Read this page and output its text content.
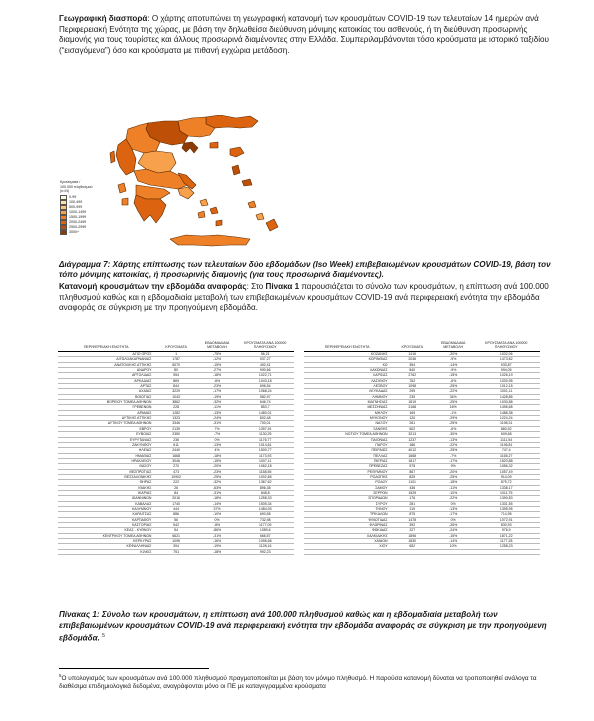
Γεωγραφική διασπορά: Ο χάρτης αποτυπώνει τη γεωγραφική κατανομή των κρουσμάτων COVID-19 των τελευταίων 14 ημερών ανά Περιφερειακή Ενότητα της χώρας, με βάση την δηλωθείσα διεύθυνση μόνιμης κατοικίας του ασθενούς, ή τη διεύθυνση προσωρινής διαμονής για τους τουρίστες και άλλους προσωρινά διαμένοντες στην Ελλάδα. Συμπεριλαμβάνονται τόσο κρούσματα με ιστορικό ταξιδίου (“εισαγόμενα”) όσο και κρούσματα με πιθανή εγχώρια μετάδοση.
Κρούσματα /
100.000 πληθυσμού
(n=Ν)
0-99
100-499
500-999
1000-1499
1500-1999
2000-2499
2500-2999
3000+
Διάγραμμα 7: Χάρτης επίπτωσης των τελευταίων δύο εβδομάδων (Iso Week) επιβεβαιωμένων κρουσμάτων COVID-19, βάση τον τόπο μόνιμης κατοικίας, ή προσωρινής διαμονής (για τους προσωρινά διαμένοντες).
Κατανομή κρουσμάτων την εβδομάδα αναφοράς: Στο Πίνακα 1 παρουσιάζεται το σύνολο των κρουσμάτων, η επίπτωση ανά 100.000 πληθυσμού καθώς και η εβδομαδιαία μεταβολή των επιβεβαιωμένων κρουσμάτων COVID-19 ανά περιφερειακή ενότητα την εβδομάδα αναφοράς σε σύγκριση με την προηγούμενη εβδομάδα.
ΠΕΡΙΦΕΡΕΙΑΚΗ ΕΝΟΤΗΤΑ	ΚΡΟΥΣΜΑΤΑ	ΕΒΔΟΜΑΔΙΑΙΑ ΜΕΤΑΒΟΛΗ	ΚΡΟΥΣΜΑΤΑ ΑΝΑ 100000 ΠΛΗΘΥΣΜΟΥ		ΠΕΡΙΦΕΡΕΙΑΚΗ ΕΝΟΤΗΤΑ	ΚΡΟΥΣΜΑΤΑ	ΕΒΔΟΜΑΔΙΑΙΑ ΜΕΤΑΒΟΛΗ	ΚΡΟΥΣΜΑΤΑ ΑΝΑ 100000 ΠΛΗΘΥΣΜΟΥ
ΑΓΙΟ ΟΡΟΣ	1	-75%	56,21		ΚΟΖΑΝΗΣ	1416	-20%	1032,06
ΑΙΤΩΛΟΑΚΑΡΝΑΝΙΑΣ	1787	-12%	937,27		ΚΟΡΙΝΘΙΑΣ	2036	-9%	1473,82
ΑΝΑΤΟΛΙΚΗΣ ΑΤΤΙΚΗΣ	5070	-15%	492,41		ΚΩ	354	-14%	933,87
ΑΝΔΡΟΥ	80	-27%	990,66		ΛΑΚΩΝΙΑΣ	840	-9%	994,05
ΑΡΓΟΛΙΔΑΣ	954	-18%	1022,71		ΛΑΡΙΣΑΣ	2762	-15%	1026,19
ΑΡΚΑΔΙΑΣ	869	-6%	1043,18		ΛΑΣΙΘΙΟΥ	762	-6%	1030,95
ΑΡΤΑΣ	844	-23%	696,54		ΛΕΣΒΟΥ	1098	-25%	1012,18
ΑΧΑΪΑΣ	3229	-17%	1068,24		ΛΕΥΚΑΔΑΣ	295	-22%	1001,11
ΒΟΙΩΤΙΑΣ	1043	-19%	982,97		ΛΗΜΝΟΥ	239	34%	1428,85
ΒΟΡΕΙΟΥ ΤΟΜΕΑ ΑΘΗΝΩΝ	3862	-32%	646,74		ΜΑΓΝΗΣΙΑΣ	1819	-25%	1030,88
ΓΡΕΒΕΝΩΝ	228	-11%	853,7		ΜΕΣΣΗΝΙΑΣ	2168	16%	1496,68
ΔΡΑΜΑΣ	1282	-13%	1480,01		ΜΗΛΟΥ	169	-1%	1488,38
ΔΥΤΙΚΗΣ ΑΤΤΙΚΗΣ	1323	-24%	802,48		ΜΥΚΟΝΟΥ	120	-29%	1224,24
ΔΥΤΙΚΟΥ ΤΟΜΕΑ ΑΘΗΝΩΝ	3346	-31%	700,01		ΝΑΞΟΥ	261	-25%	1198,31
ΕΒΡΟΥ	2139	7%	1397,91		ΞΑΝΘΗΣ	602	-6%	860,92
ΕΥΒΟΙΑΣ	2350	-7%	1130,25		ΝΟΤΙΟΥ ΤΟΜΕΑ ΑΘΗΝΩΝ	3213	-30%	609,68
ΕΥΡΥΤΑΝΙΑΣ	236	0%	1176,77		ΠΑΙΟΝΙΑΣ	1237	-13%	1111,54
ΖΑΚΥΝΘΟΥ	611	-13%	1014,61		ΠΑΡΟΥ	186	-22%	1196,81
ΗΛΕΙΑΣ	2440	4%	1500,77		ΠΕΙΡΑΙΩΣ	4012	-25%	747,4
ΗΜΑΘΙΑΣ	1668	-18%	1173,93		ΠΕΛΛΑΣ	1668	-7%	1165,27
ΗΡΑΚΛΕΙΟΥ	3046	-15%	1007,11		ΠΙΕΡΙΑΣ	1817	-17%	1520,88
ΘΑΣΟΥ	270	-20%	1062,18		ΠΡΕΒΕΖΑΣ	575	9%	1056,32
ΘΕΣΠΡΩΤΙΑΣ	473	-23%	1158,55		ΡΕΘΥΜΝΟΥ	867	-20%	1057,49
ΘΕΣΣΑΛΟΝΙΚΗΣ	10902	-25%	1002,65		ΡΟΔΟΠΗΣ	825	-25%	914,09
ΘΗΡΑΣ	222	-32%	1367,62		ΡΟΔΟΥ	1101	-18%	875,72
ΙΘΑΚΗΣ	26	-63%	896,38		ΣΑΜΟΥ	436	-11%	1338,17
ΙΚΑΡΙΑΣ	84	-31%	848,8		ΣΕΡΡΩΝ	1529	-10%	1011,75
ΙΩΑΝΝΙΝΩΝ	2016	-18%	1258,33		ΣΠΟΡΑΔΩΝ	176	-22%	1390,83
ΚΑΒΑΛΑΣ	1740	-14%	1505,34		ΣΥΡΟΥ	281	0%	1331,55
ΚΑΛΥΜΝΟΥ	444	37%	1484,93		ΤΗΝΟΥ	119	-13%	1395,95
ΚΑΡΔΙΤΣΑΣ	886	-10%	690,58		ΤΡΙΚΑΛΩΝ	875	-17%	714,95
ΚΑΡΠΑΘΟΥ	56	0%	732,98		ΦΘΙΩΤΙΔΑΣ	1478	0%	1072,91
ΚΑΣΤΟΡΙΑΣ	542	-8%	1177,09		ΦΛΩΡΙΝΑΣ	392	-26%	830,93
ΚΕΑΣ - ΚΥΘΝΟΥ	54	-86%	1089,6		ΦΩΚΙΔΑΣ	227	-24%	976,9
ΚΕΝΤΡΙΚΟΥ ΤΟΜΕΑ ΑΘΗΝΩΝ	6621	-31%	666,57		ΧΑΛΚΙΔΙΚΗΣ	1896	-15%	1871,22
ΚΕΡΚΥΡΑΣ	1095	-16%	1096,68		ΧΑΝΙΩΝ	1830	-14%	1177,28
ΚΕΦΑΛΛΗΝΙΑΣ	394	-19%	1128,16		ΧΙΟΥ	652	10%	1258,23
ΚΙΛΚΙΣ	751	-18%	992,23					
Πίνακας 1: Σύνολο των κρουσμάτων, η επίπτωση ανά 100.000 πληθυσμού καθώς και η εβδομαδιαία μεταβολή των επιβεβαιωμένων κρουσμάτων COVID-19 ανά περιφερειακή ενότητα την εβδομάδα αναφοράς σε σύγκριση με την προηγούμενη εβδομάδα. $^5$
$^5$Ο υπολογισμός των κρουσμάτων ανά 100.000 πληθυσμού πραγματοποιείται με βάση τον μόνιμο πληθυσμό. Η παρούσα κατανομή δύναται να τροποποιηθεί ανάλογα τα διαθέσιμα επιδημιολογικά δεδομένα, αναγράφονται μόνο οι ΠΕ με καταγεγραμμένα κρούσματα
